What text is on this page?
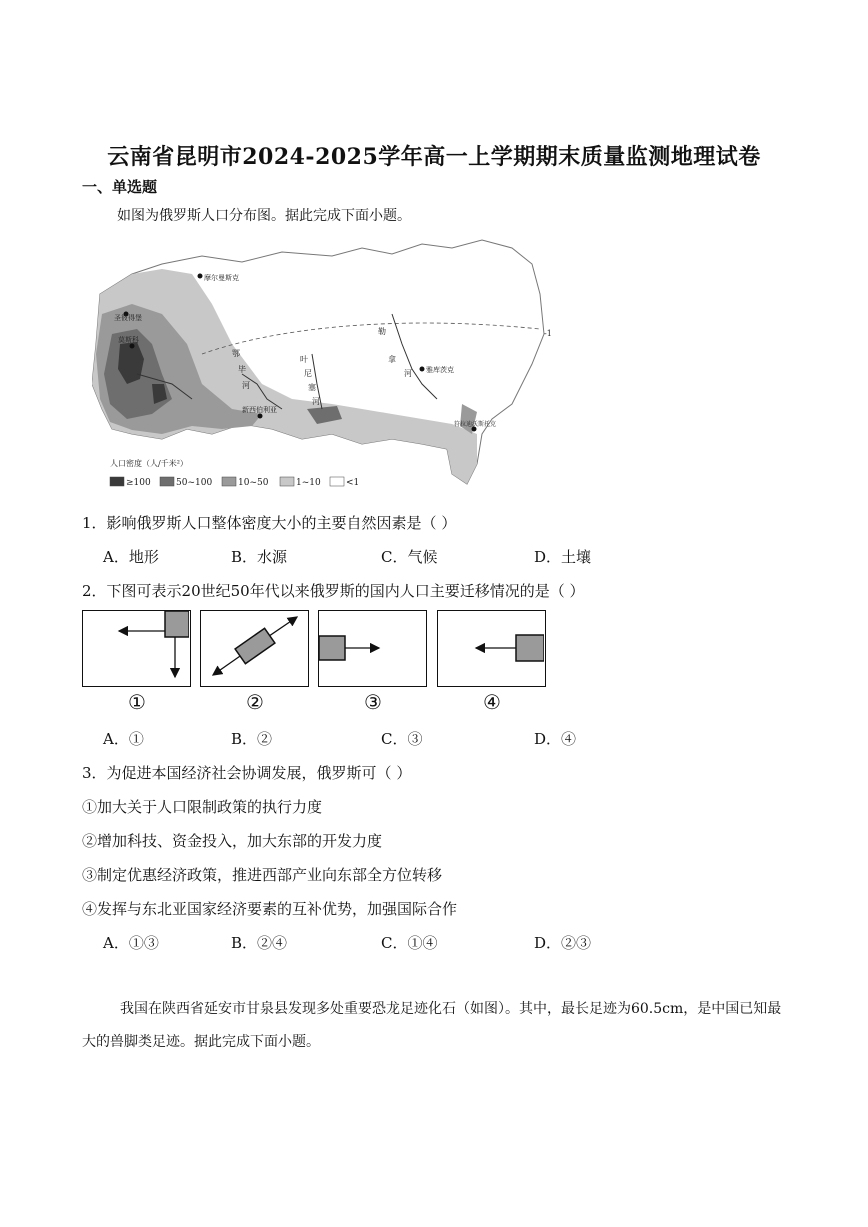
云南省昆明市2024-2025学年高一上学期期末质量监测地理试卷
一、单选题
如图为俄罗斯人口分布图。据此完成下面小题。
摩尔曼斯克
圣彼得堡
莫斯科
新西伯利亚
雅库茨克
符拉迪沃斯托克
勒
拿
河
鄂
毕
河
叶
尼
塞
河
-1
人口密度（人/千米²）
≥100	50~100	10~50	1~10	<1
1．影响俄罗斯人口整体密度大小的主要自然因素是（ ）
A．地形	B．水源	C．气候	D．土壤
2．下图可表示20世纪50年代以来俄罗斯的国内人口主要迁移情况的是（ ）
①	②	③	④
A．①	B．②	C．③	D．④
3．为促进本国经济社会协调发展，俄罗斯可（ ）
①加大关于人口限制政策的执行力度
②增加科技、资金投入，加大东部的开发力度
③制定优惠经济政策，推进西部产业向东部全方位转移
④发挥与东北亚国家经济要素的互补优势，加强国际合作
A．①③	B．②④	C．①④	D．②③
我国在陕西省延安市甘泉县发现多处重要恐龙足迹化石（如图）。其中，最长足迹为60.5cm，是中国已知最大的兽脚类足迹。据此完成下面小题。
